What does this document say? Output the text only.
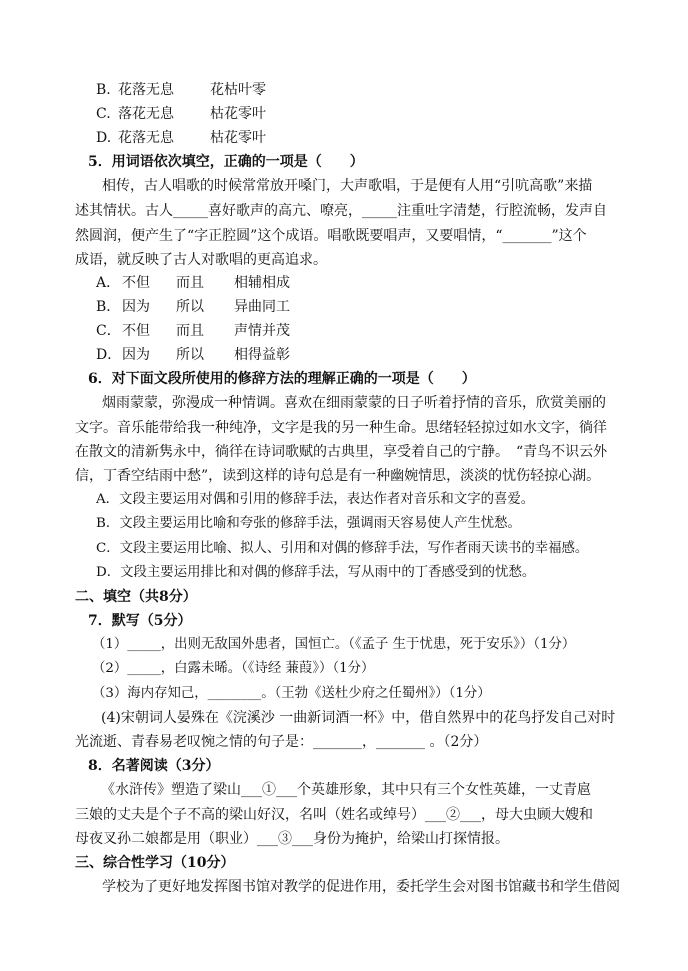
B. 花落无息	花枯叶零
C. 落花无息	枯花零叶
D. 花落无息	枯花零叶
5．用词语依次填空，正确的一项是（　　）
相传，古人唱歌的时候常常放开嗓门，大声歌唱，于是便有人用“引吭高歌”来描
述其情状。古人_____喜好歌声的高亢、嘹亮，_____注重吐字清楚，行腔流畅，发声自
然圆润，便产生了“字正腔圆”这个成语。唱歌既要唱声，又要唱情，“_______”这个
成语，就反映了古人对歌唱的更高追求。
A． 不但 而且 相辅相成
B． 因为 所以 异曲同工
C．不但 而且 声情并茂
D．因为 所以 相得益彰
6．对下面文段所使用的修辞方法的理解正确的一项是（　　）
烟雨蒙蒙，弥漫成一种情调。喜欢在细雨蒙蒙的日子听着抒情的音乐，欣赏美丽的
文字。音乐能带给我一种纯净，文字是我的另一种生命。思绪轻轻掠过如水文字，徜徉
在散文的清新隽永中，徜徉在诗词歌赋的古典里，享受着自己的宁静。　“青鸟不识云外
信，丁香空结雨中愁”，读到这样的诗句总是有一种幽婉情思，淡淡的忧伤轻掠心湖。
A．文段主要运用对偶和引用的修辞手法，表达作者对音乐和文字的喜爱。
B．文段主要运用比喻和夸张的修辞手法，强调雨天容易使人产生忧愁。
C．文段主要运用比喻、拟人、引用和对偶的修辞手法，写作者雨天读书的幸福感。
D．文段主要运用排比和对偶的修辞手法，写从雨中的丁香感受到的忧愁。
二、填空（共8分）
7．默写（5分）
（1）_____，出则无敌国外患者，国恒亡。（《孟子 生于忧患，死于安乐》）（1分）
（2）_____，白露未晞。（《诗经 蒹葭》）（1分）
（3）海内存知己，________。（王勃《送杜少府之任蜀州》）（1分）
(4)宋朝词人晏殊在《浣溪沙 一曲新词酒一杯》中，借自然界中的花鸟抒发自己对时
光流逝、青春易老叹惋之情的句子是：_______，_______ 。（2分）
8．名著阅读（3分）
《水浒传》塑造了梁山___①___个英雄形象，其中只有三个女性英雄，一丈青扈
三娘的丈夫是个子不高的梁山好汉，名叫（姓名或绰号）___②___，母大虫顾大嫂和
母夜叉孙二娘都是用（职业）___③___身份为掩护，给梁山打探情报。
三、综合性学习（10分）
学校为了更好地发挥图书馆对教学的促进作用，委托学生会对图书馆藏书和学生借阅
